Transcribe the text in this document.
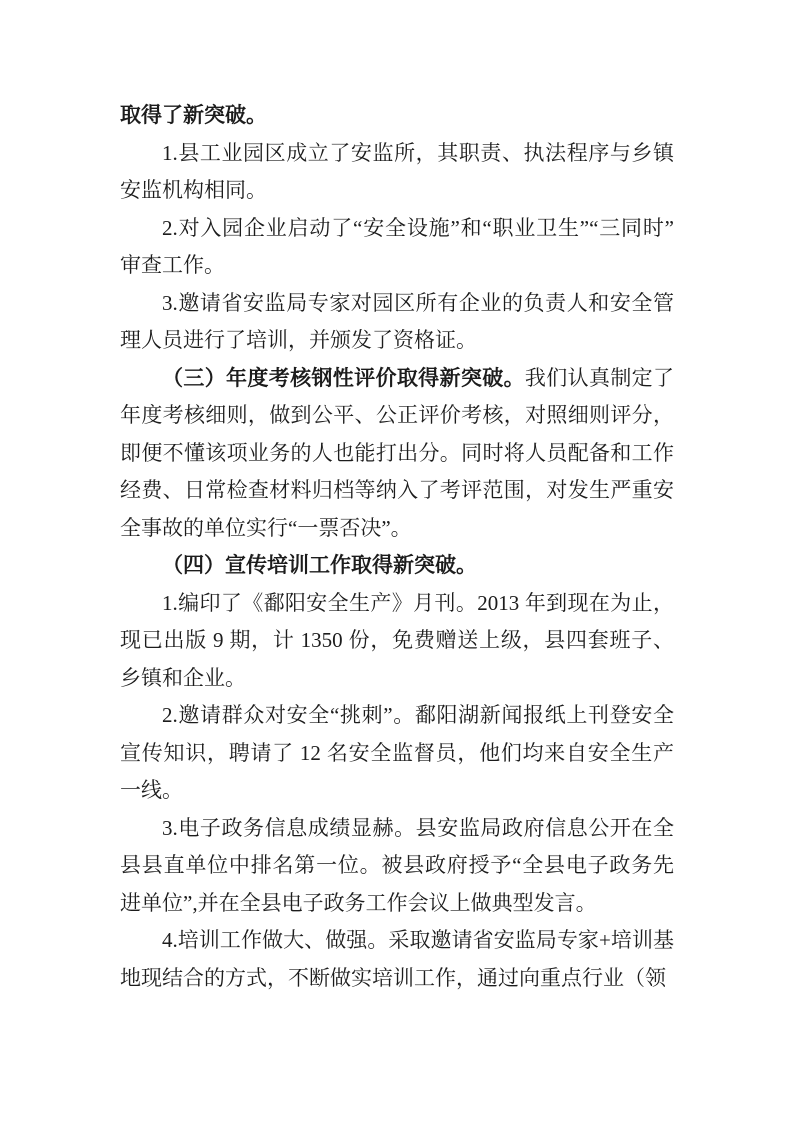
取得了新突破。

1.县工业园区成立了安监所，其职责、执法程序与乡镇安监机构相同。

2.对入园企业启动了“安全设施”和“职业卫生”“三同时”审查工作。

3.邀请省安监局专家对园区所有企业的负责人和安全管理人员进行了培训，并颁发了资格证。

（三）年度考核钢性评价取得新突破。我们认真制定了年度考核细则，做到公平、公正评价考核，对照细则评分，即便不懂该项业务的人也能打出分。同时将人员配备和工作经费、日常检查材料归档等纳入了考评范围，对发生严重安全事故的单位实行“一票否决”。

（四）宣传培训工作取得新突破。

1.编印了《鄱阳安全生产》月刊。2013 年到现在为止，现已出版 9 期，计 1350 份，免费赠送上级，县四套班子、乡镇和企业。

2.邀请群众对安全“挑刺”。鄱阳湖新闻报纸上刊登安全宣传知识，聘请了 12 名安全监督员，他们均来自安全生产一线。

3.电子政务信息成绩显赫。县安监局政府信息公开在全县县直单位中排名第一位。被县政府授予“全县电子政务先进单位”,并在全县电子政务工作会议上做典型发言。

4.培训工作做大、做强。采取邀请省安监局专家+培训基地现结合的方式，不断做实培训工作，通过向重点行业（领
